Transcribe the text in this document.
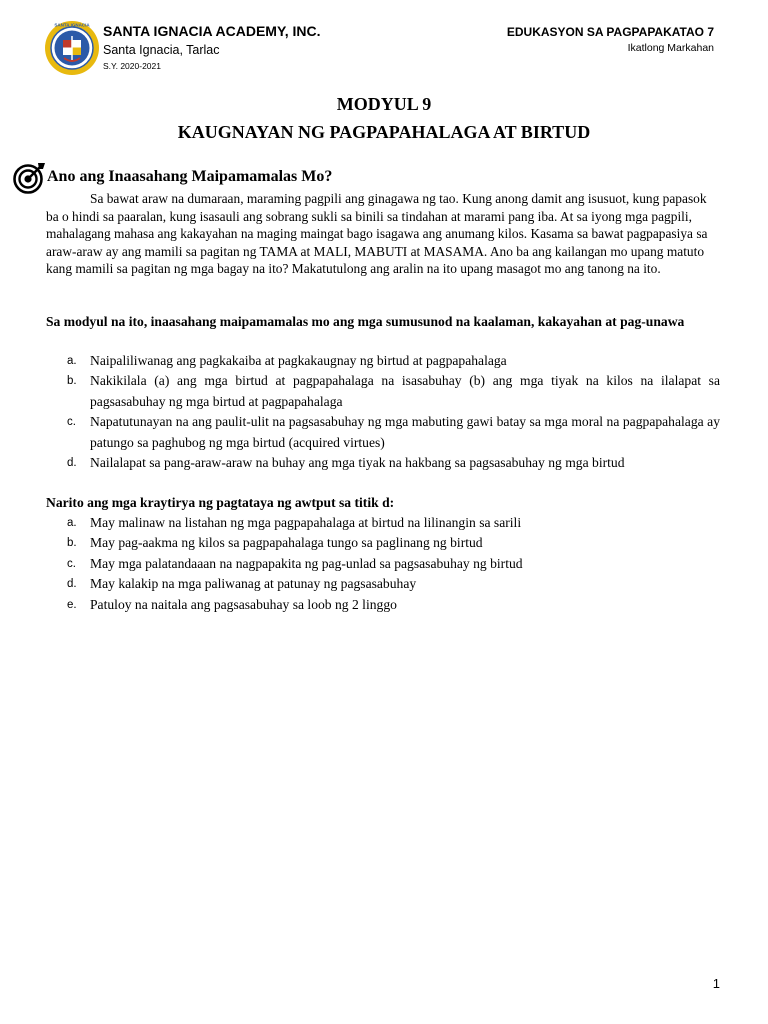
SANTA IGNACIA SANTA IGNACIA ACADEMY, INC.
Santa Ignacia, Tarlac
S.Y. 2020-2021
EDUKASYON SA PAGPAPAKATAO 7
Ikatlong Markahan
MODYUL 9
KAUGNAYAN NG PAGPAPAHALAGA AT BIRTUD
Ano ang Inaasahang Maipamamalas Mo?
Sa bawat araw na dumaraan, maraming pagpili ang ginagawa ng tao. Kung anong damit ang isusuot, kung papasok ba o hindi sa paaralan, kung isasauli ang sobrang sukli sa binili sa tindahan at marami pang iba. At sa iyong mga pagpili, mahalagang mahasa ang kakayahan na maging maingat bago isagawa ang anumang kilos. Kasama sa bawat pagpapasiya sa araw-araw ay ang mamili sa pagitan ng TAMA at MALI, MABUTI at MASAMA. Ano ba ang kailangan mo upang matuto kang mamili sa pagitan ng mga bagay na ito? Makatutulong ang aralin na ito upang masagot mo ang tanong na ito.
Sa modyul na ito, inaasahang maipamamalas mo ang mga sumusunod na kaalaman, kakayahan at pag-unawa
a. Naipaliliwanag ang pagkakaiba at pagkakaugnay ng birtud at pagpapahalaga
b. Nakikilala (a) ang mga birtud at pagpapahalaga na isasabuhay (b) ang mga tiyak na kilos na ilalapat sa pagsasabuhay ng mga birtud at pagpapahalaga
c. Napatutunayan na ang paulit-ulit na pagsasabuhay ng mga mabuting gawi batay sa mga moral na pagpapahalaga ay patungo sa paghubog ng mga birtud (acquired virtues)
d. Nailalapat sa pang-araw-araw na buhay ang mga tiyak na hakbang sa pagsasabuhay ng mga birtud
Narito ang mga kraytirya ng pagtataya ng awtput sa titik d:
a. May malinaw na listahan ng mga pagpapahalaga at birtud na lilinangin sa sarili
b. May pag-aakma ng kilos sa pagpapahalaga tungo sa paglinang ng birtud
c. May mga palatandaaan na nagpapakita ng pag-unlad sa pagsasabuhay ng birtud
d. May kalakip na mga paliwanag at patunay ng pagsasabuhay
e. Patuloy na naitala ang pagsasabuhay sa loob ng 2 linggo
1
